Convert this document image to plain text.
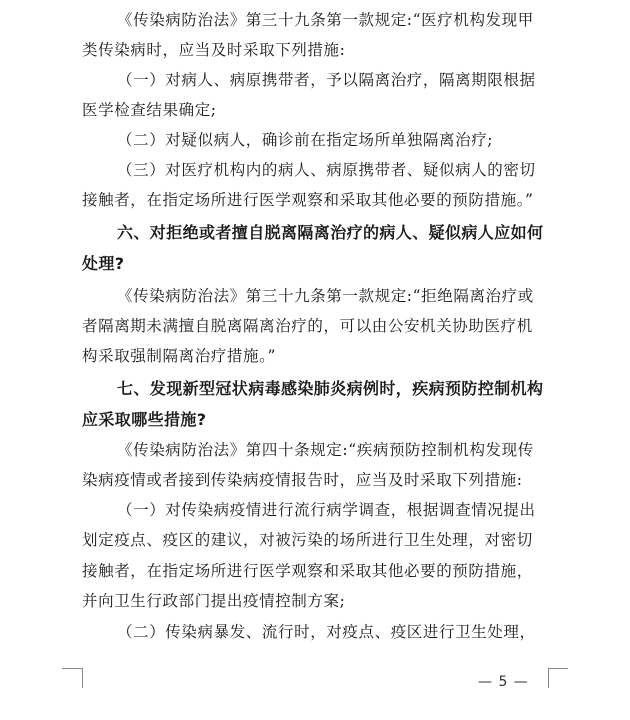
《传染病防治法》第三十九条第一款规定:“医疗机构发现甲
类传染病时，应当及时采取下列措施:
（一）对病人、病原携带者，予以隔离治疗，隔离期限根据
医学检查结果确定;
（二）对疑似病人，确诊前在指定场所单独隔离治疗;
（三）对医疗机构内的病人、病原携带者、疑似病人的密切
接触者，在指定场所进行医学观察和采取其他必要的预防措施。”
六、对拒绝或者擅自脱离隔离治疗的病人、疑似病人应如何
处理?
《传染病防治法》第三十九条第一款规定:“拒绝隔离治疗或
者隔离期未满擅自脱离隔离治疗的，可以由公安机关协助医疗机
构采取强制隔离治疗措施。”
七、发现新型冠状病毒感染肺炎病例时，疾病预防控制机构
应采取哪些措施?
《传染病防治法》第四十条规定:“疾病预防控制机构发现传
染病疫情或者接到传染病疫情报告时，应当及时采取下列措施:
（一）对传染病疫情进行流行病学调查，根据调查情况提出
划定疫点、疫区的建议，对被污染的场所进行卫生处理，对密切
接触者，在指定场所进行医学观察和采取其他必要的预防措施，
并向卫生行政部门提出疫情控制方案;
（二）传染病暴发、流行时，对疫点、疫区进行卫生处理，
— 5 —
